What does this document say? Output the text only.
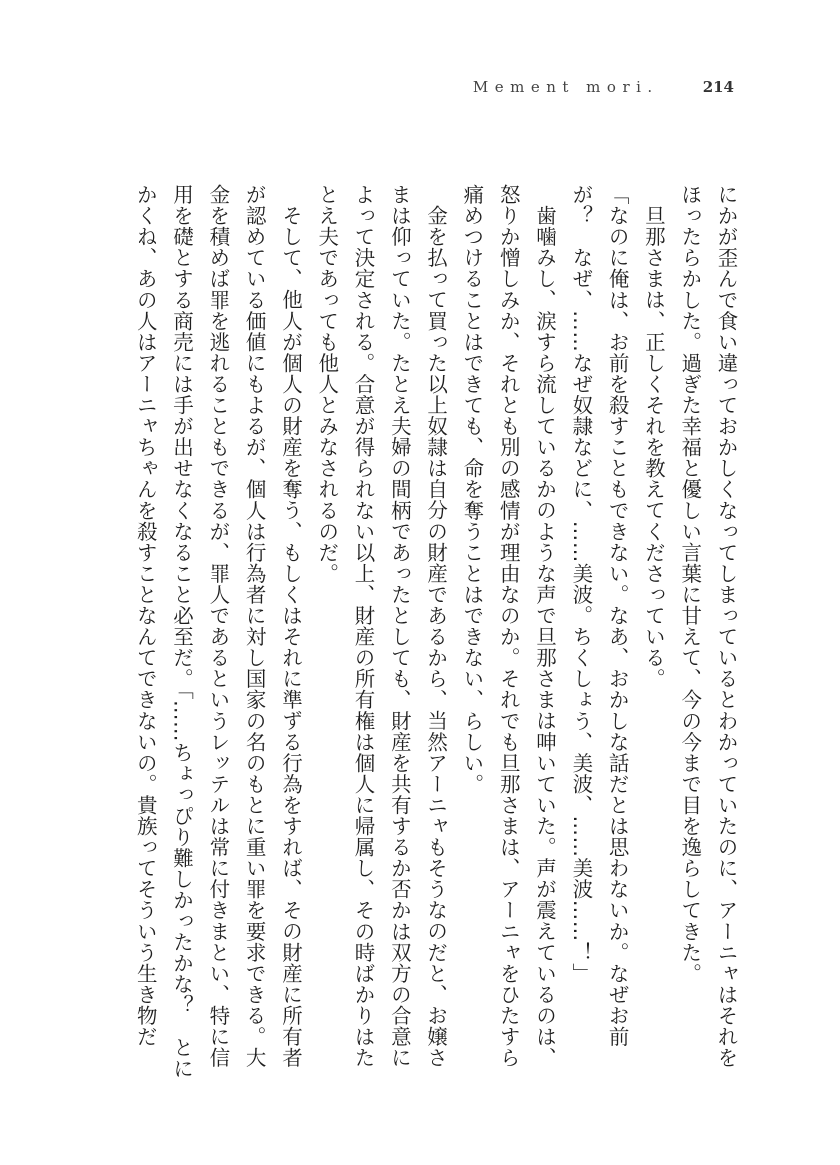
Mement mori.	214

にかが歪んで食い違っておかしくなってしまっているとわかっていたのに、アーニャはそれをほったらかした。過ぎた幸福と優しい言葉に甘えて、今の今まで目を逸らしてきた。

旦那さまは、正しくそれを教えてくださっている。

「なのに俺は、お前を殺すこともできない。なあ、おかしな話だとは思わないか。なぜお前が？　なぜ、……なぜ奴隷などに、……美波。ちくしょう、美波、……美波……！」

歯噛みし、涙すら流しているかのような声で旦那さまは呻いていた。声が震えているのは、怒りか憎しみか、それとも別の感情が理由なのか。それでも旦那さまは、アーニャをひたすら痛めつけることはできても、命を奪うことはできない、らしい。

金を払って買った以上奴隷は自分の財産であるから、当然アーニャもそうなのだと、お嬢さまは仰っていた。たとえ夫婦の間柄であったとしても、財産を共有するか否かは双方の合意によって決定される。合意が得られない以上、財産の所有権は個人に帰属し、その時ばかりはたとえ夫であっても他人とみなされるのだ。

そして、他人が個人の財産を奪う、もしくはそれに準ずる行為をすれば、その財産に所有者が認めている価値にもよるが、個人は行為者に対し国家の名のもとに重い罪を要求できる。大金を積めば罪を逃れることもできるが、罪人であるというレッテルは常に付きまとい、特に信用を礎とする商売には手が出せなくなること必至だ。「……ちょっぴり難しかったかな？　とにかくね、あの人はアーニャちゃんを殺すことなんてできないの。貴族ってそういう生き物だ
